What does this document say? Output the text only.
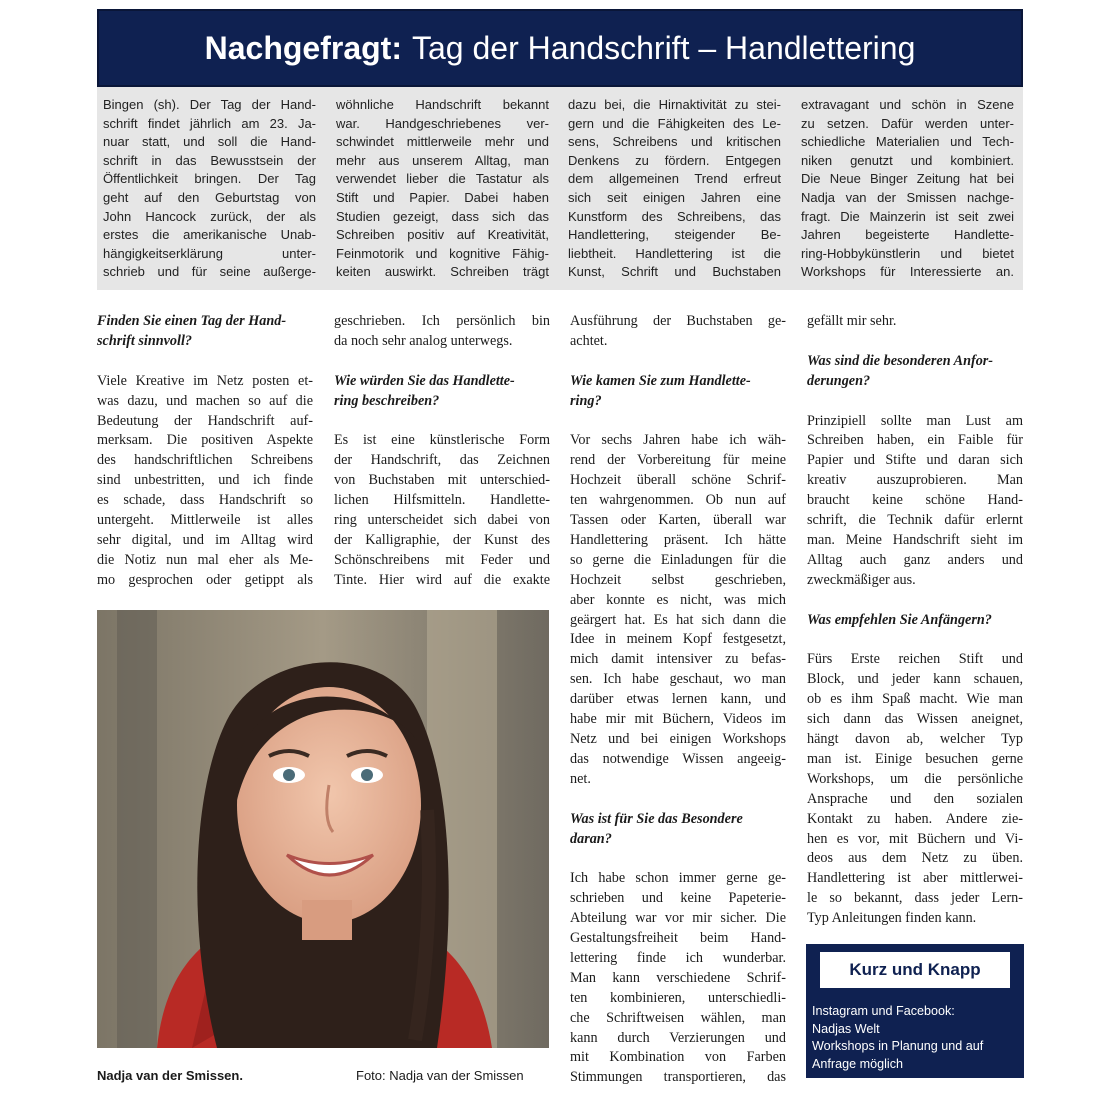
Nachgefragt: Tag der Handschrift – Handlettering
Bingen (sh). Der Tag der Hand-
schrift findet jährlich am 23. Ja-
nuar statt, und soll die Hand-
schrift in das Bewusstsein der
Öffentlichkeit bringen. Der Tag
geht auf den Geburtstag von
John Hancock zurück, der als
erstes die amerikanische Unab-
hängigkeitserklärung unter-
schrieb und für seine außerge-
wöhnliche Handschrift bekannt
war. Handgeschriebenes ver-
schwindet mittlerweile mehr und
mehr aus unserem Alltag, man
verwendet lieber die Tastatur als
Stift und Papier. Dabei haben
Studien gezeigt, dass sich das
Schreiben positiv auf Kreativität,
Feinmotorik und kognitive Fähig-
keiten auswirkt. Schreiben trägt
dazu bei, die Hirnaktivität zu stei-
gern und die Fähigkeiten des Le-
sens, Schreibens und kritischen
Denkens zu fördern. Entgegen
dem allgemeinen Trend erfreut
sich seit einigen Jahren eine
Kunstform des Schreibens, das
Handlettering, steigender Be-
liebtheit. Handlettering ist die
Kunst, Schrift und Buchstaben
extravagant und schön in Szene
zu setzen. Dafür werden unter-
schiedliche Materialien und Tech-
niken genutzt und kombiniert.
Die Neue Binger Zeitung hat bei
Nadja van der Smissen nachge-
fragt. Die Mainzerin ist seit zwei
Jahren begeisterte Handlette-
ring-Hobbykünstlerin und bietet
Workshops für Interessierte an.
Finden Sie einen Tag der Hand-
schrift sinnvoll?
Viele Kreative im Netz posten et-
was dazu, und machen so auf die
Bedeutung der Handschrift auf-
merksam. Die positiven Aspekte
des handschriftlichen Schreibens
sind unbestritten, und ich finde
es schade, dass Handschrift so
untergeht. Mittlerweile ist alles
sehr digital, und im Alltag wird
die Notiz nun mal eher als Me-
mo gesprochen oder getippt als
geschrieben. Ich persönlich bin
da noch sehr analog unterwegs.
Wie würden Sie das Handlette-
ring beschreiben?
Es ist eine künstlerische Form
der Handschrift, das Zeichnen
von Buchstaben mit unterschied-
lichen Hilfsmitteln. Handlette-
ring unterscheidet sich dabei von
der Kalligraphie, der Kunst des
Schönschreibens mit Feder und
Tinte. Hier wird auf die exakte
Ausführung der Buchstaben ge-
achtet.
Wie kamen Sie zum Handlette-
ring?
Vor sechs Jahren habe ich wäh-
rend der Vorbereitung für meine
Hochzeit überall schöne Schrif-
ten wahrgenommen. Ob nun auf
Tassen oder Karten, überall war
Handlettering präsent. Ich hätte
so gerne die Einladungen für die
Hochzeit selbst geschrieben,
aber konnte es nicht, was mich
geärgert hat. Es hat sich dann die
Idee in meinem Kopf festgesetzt,
mich damit intensiver zu befas-
sen. Ich habe geschaut, wo man
darüber etwas lernen kann, und
habe mir mit Büchern, Videos im
Netz und bei einigen Workshops
das notwendige Wissen angeeig-
net.
Was ist für Sie das Besondere
daran?
Ich habe schon immer gerne ge-
schrieben und keine Papeterie-
Abteilung war vor mir sicher. Die
Gestaltungsfreiheit beim Hand-
lettering finde ich wunderbar.
Man kann verschiedene Schrif-
ten kombinieren, unterschiedli-
che Schriftweisen wählen, man
kann durch Verzierungen und
mit Kombination von Farben
Stimmungen transportieren, das
gefällt mir sehr.
Was sind die besonderen Anfor-
derungen?
Prinzipiell sollte man Lust am
Schreiben haben, ein Faible für
Papier und Stifte und daran sich
kreativ auszuprobieren. Man
braucht keine schöne Hand-
schrift, die Technik dafür erlernt
man. Meine Handschrift sieht im
Alltag auch ganz anders und
zweckmäßiger aus.
Was empfehlen Sie Anfängern?
Fürs Erste reichen Stift und
Block, und jeder kann schauen,
ob es ihm Spaß macht. Wie man
sich dann das Wissen aneignet,
hängt davon ab, welcher Typ
man ist. Einige besuchen gerne
Workshops, um die persönliche
Ansprache und den sozialen
Kontakt zu haben. Andere zie-
hen es vor, mit Büchern und Vi-
deos aus dem Netz zu üben.
Handlettering ist aber mittlerwei-
le so bekannt, dass jeder Lern-
Typ Anleitungen finden kann.
Nadja van der Smissen.	Foto: Nadja van der Smissen
Kurz und Knapp
Instagram und Facebook:
Nadjas Welt
Workshops in Planung und auf
Anfrage möglich
